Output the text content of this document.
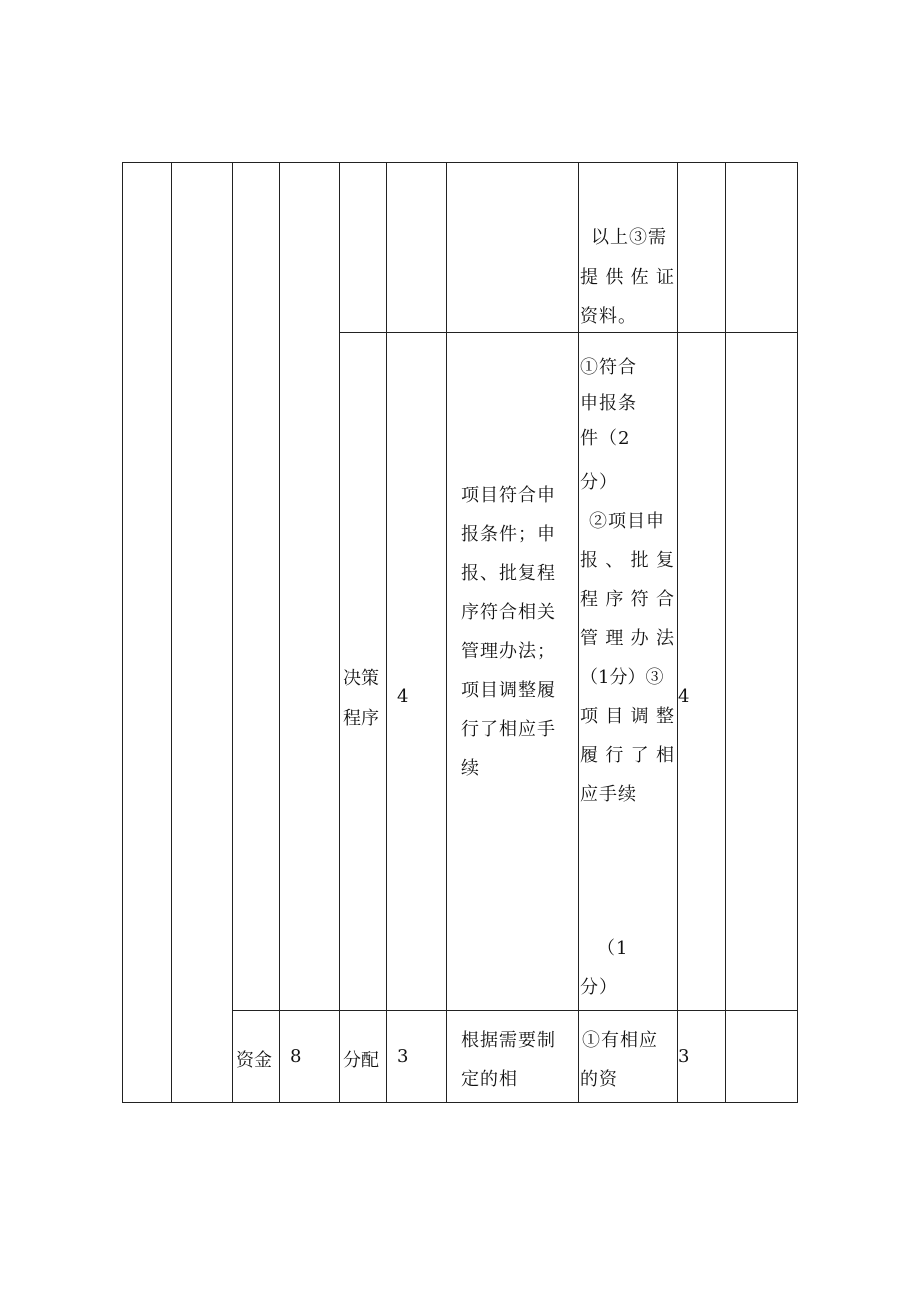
以上③需
提供佐证
资料。
决策
程序
4
项目符合申
报条件；申
报、批复程
序符合相关
管理办法；
项目调整履
行了相应手
续
①符合
申报条
件（2
分）
②项目申
报、批复
程序符合
管理办法
（1分）③
项目调整
履行了相
应手续
（1
分）
4
资金 8 分配 3
根据需要制
定的相
①有相应
的资
3
